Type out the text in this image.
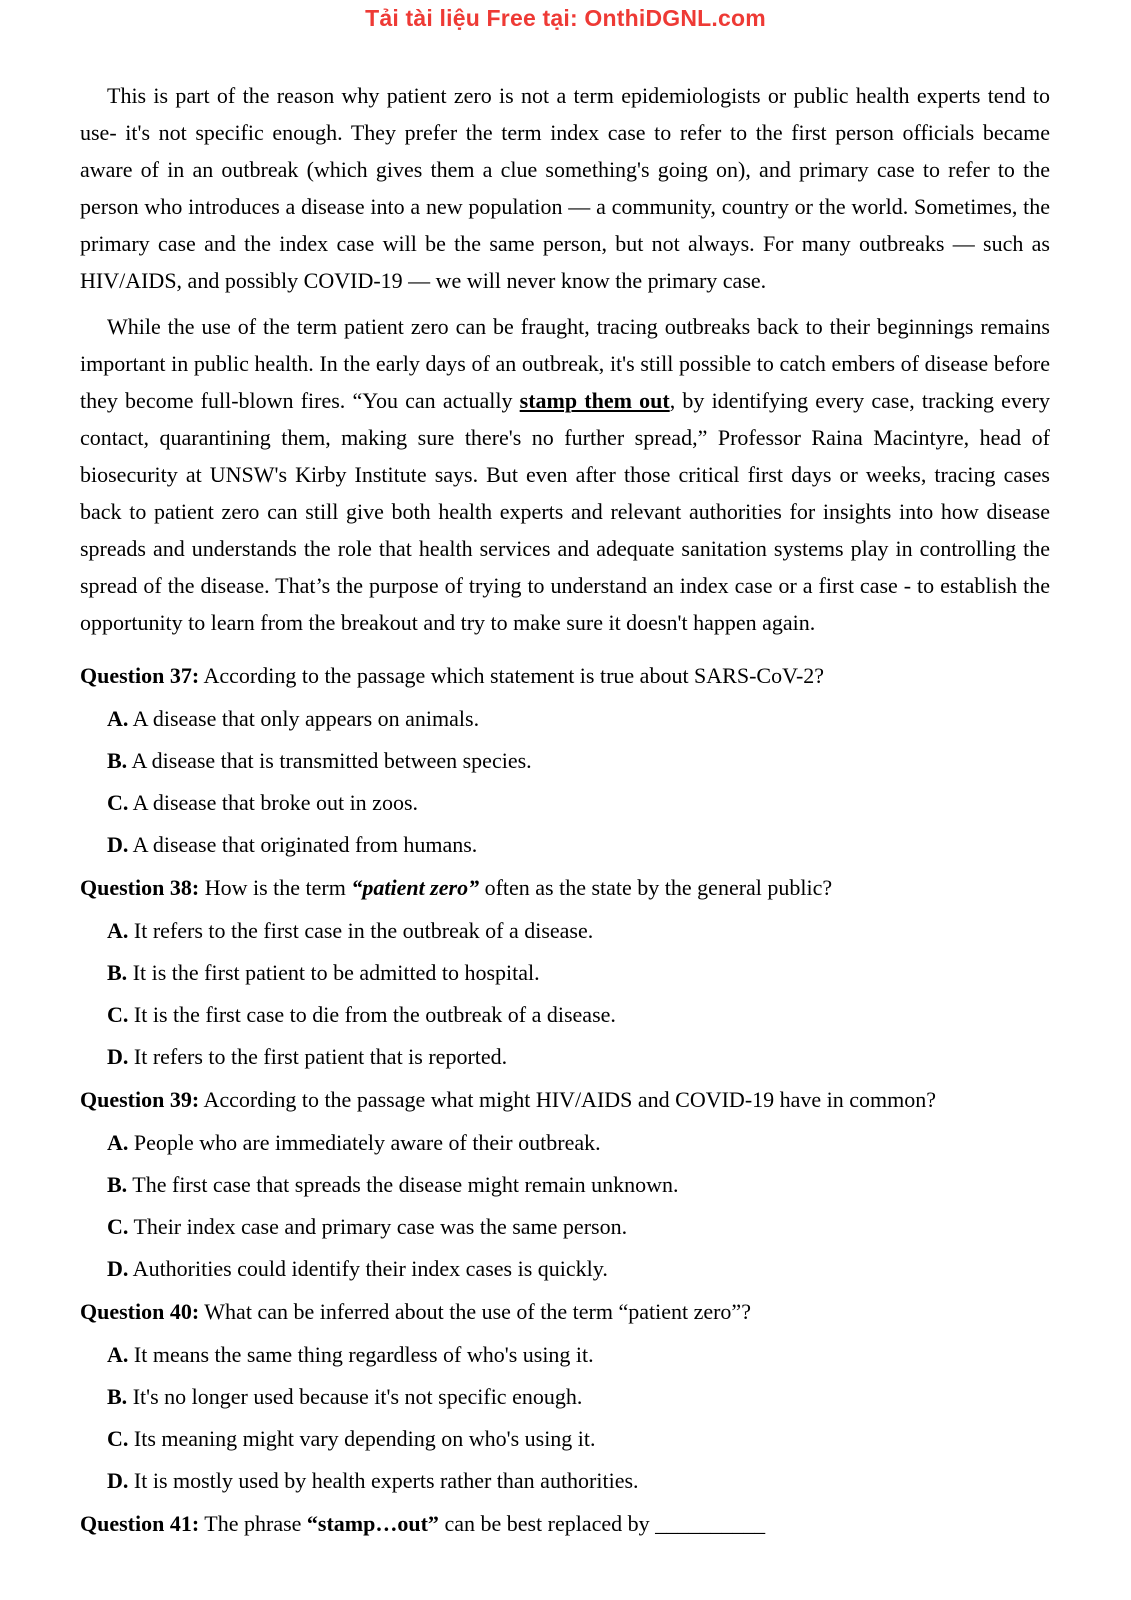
Tải tài liệu Free tại: OnthiDGNL.com

This is part of the reason why patient zero is not a term epidemiologists or public health experts tend to use- it's not specific enough. They prefer the term index case to refer to the first person officials became aware of in an outbreak (which gives them a clue something's going on), and primary case to refer to the person who introduces a disease into a new population — a community, country or the world. Sometimes, the primary case and the index case will be the same person, but not always. For many outbreaks — such as HIV/AIDS, and possibly COVID-19 — we will never know the primary case.

While the use of the term patient zero can be fraught, tracing outbreaks back to their beginnings remains important in public health. In the early days of an outbreak, it's still possible to catch embers of disease before they become full-blown fires. “You can actually stamp them out, by identifying every case, tracking every contact, quarantining them, making sure there's no further spread,” Professor Raina Macintyre, head of biosecurity at UNSW's Kirby Institute says. But even after those critical first days or weeks, tracing cases back to patient zero can still give both health experts and relevant authorities for insights into how disease spreads and understands the role that health services and adequate sanitation systems play in controlling the spread of the disease. That’s the purpose of trying to understand an index case or a first case - to establish the opportunity to learn from the breakout and try to make sure it doesn't happen again.

Question 37: According to the passage which statement is true about SARS-CoV-2?

A. A disease that only appears on animals.

B. A disease that is transmitted between species.

C. A disease that broke out in zoos.

D. A disease that originated from humans.

Question 38: How is the term “patient zero” often as the state by the general public?

A. It refers to the first case in the outbreak of a disease.

B. It is the first patient to be admitted to hospital.

C. It is the first case to die from the outbreak of a disease.

D. It refers to the first patient that is reported.

Question 39: According to the passage what might HIV/AIDS and COVID-19 have in common?

A. People who are immediately aware of their outbreak.

B. The first case that spreads the disease might remain unknown.

C. Their index case and primary case was the same person.

D. Authorities could identify their index cases is quickly.

Question 40: What can be inferred about the use of the term “patient zero”?

A. It means the same thing regardless of who's using it.

B. It's no longer used because it's not specific enough.

C. Its meaning might vary depending on who's using it.

D. It is mostly used by health experts rather than authorities.

Question 41: The phrase “stamp…out” can be best replaced by __________
